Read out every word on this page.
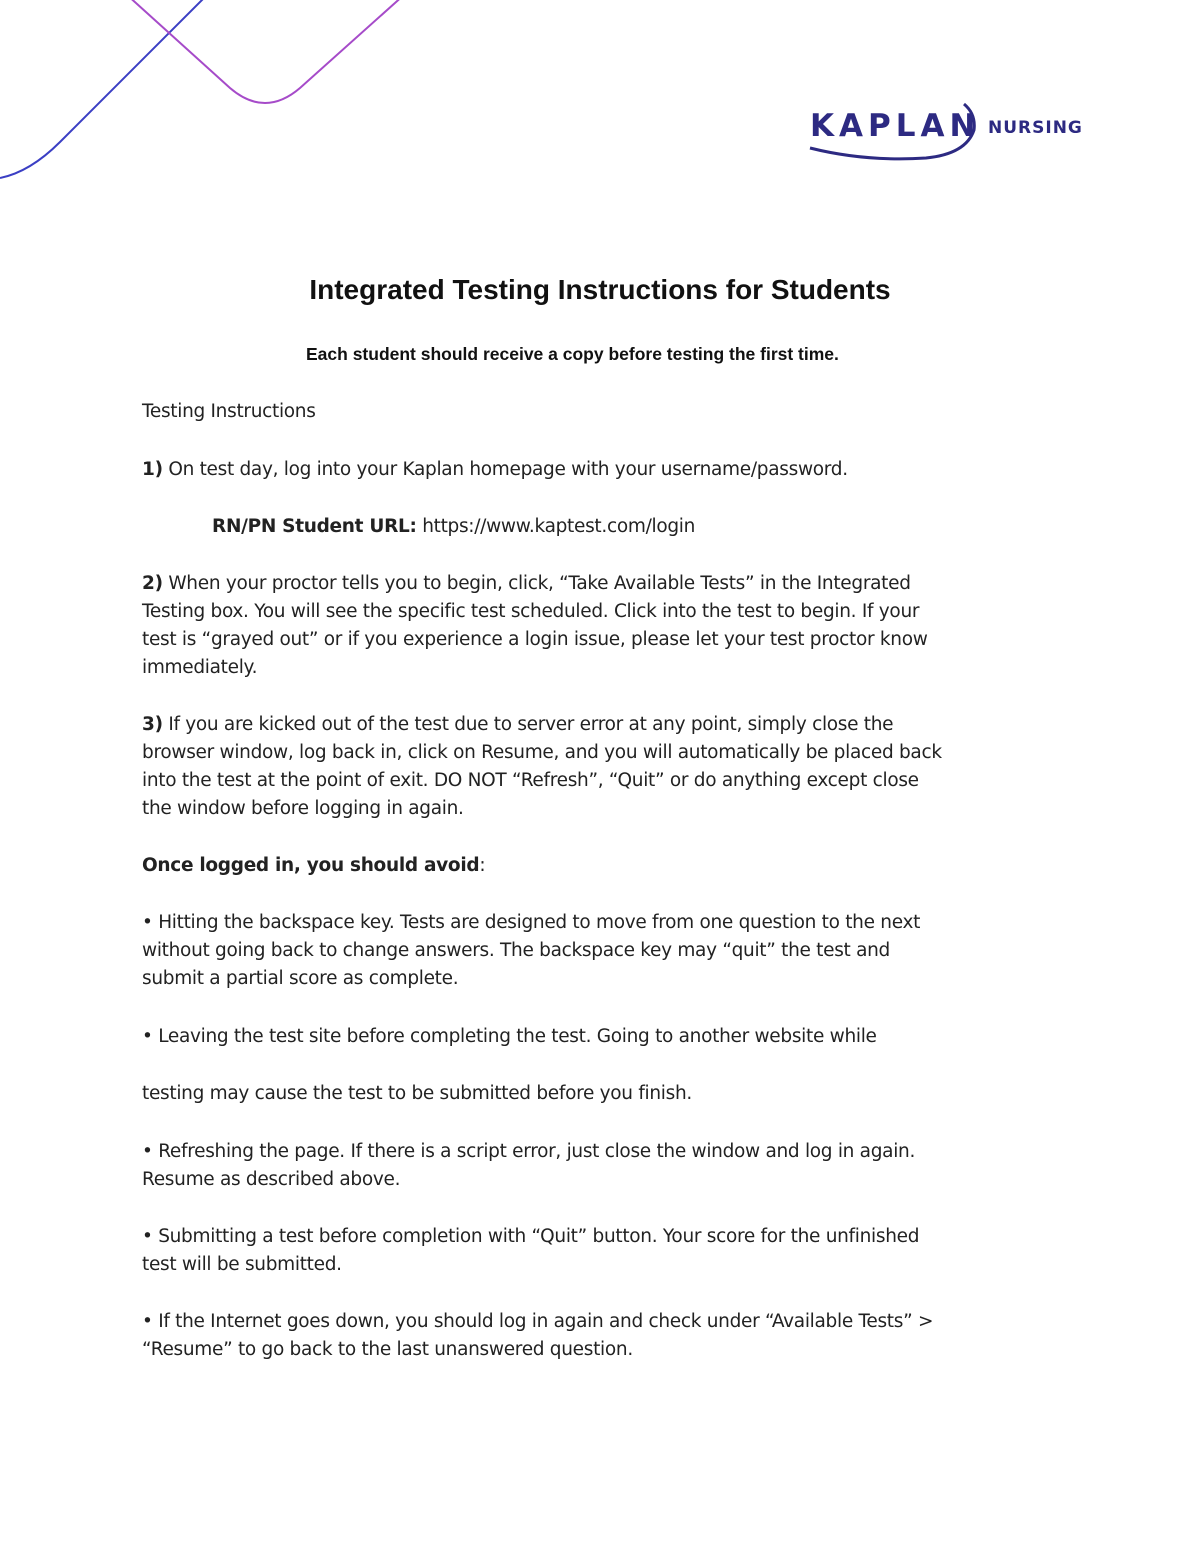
KAPLAN NURSING
Integrated Testing Instructions for Students

Each student should receive a copy before testing the first time.

Testing Instructions

1) On test day, log into your Kaplan homepage with your username/password.

RN/PN Student URL: https://www.kaptest.com/login

2) When your proctor tells you to begin, click, “Take Available Tests” in the Integrated Testing box. You will see the specific test scheduled. Click into the test to begin. If your test is “grayed out” or if you experience a login issue, please let your test proctor know immediately.

3) If you are kicked out of the test due to server error at any point, simply close the browser window, log back in, click on Resume, and you will automatically be placed back into the test at the point of exit. DO NOT “Refresh”, “Quit” or do anything except close the window before logging in again.

Once logged in, you should avoid:

• Hitting the backspace key. Tests are designed to move from one question to the next without going back to change answers. The backspace key may “quit” the test and submit a partial score as complete.

• Leaving the test site before completing the test. Going to another website while

testing may cause the test to be submitted before you finish.

• Refreshing the page. If there is a script error, just close the window and log in again. Resume as described above.

• Submitting a test before completion with “Quit” button. Your score for the unfinished test will be submitted.

• If the Internet goes down, you should log in again and check under “Available Tests” > “Resume” to go back to the last unanswered question.
